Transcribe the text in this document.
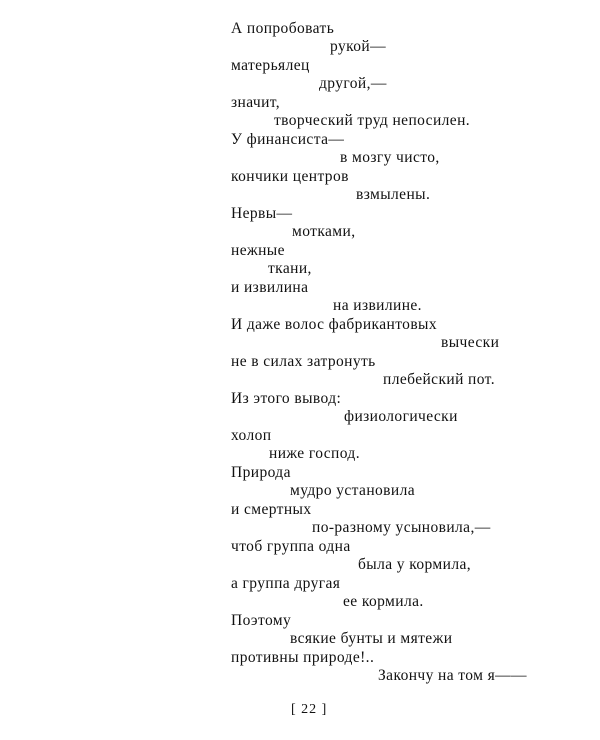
А попробовать
рукой—
матерьялец
другой,—
значит,
творческий труд непосилен.
У финансиста—
в мозгу чисто,
кончики центров
взмылены.
Нервы—
мотками,
нежные
ткани,
и извилина
на извилине.
И даже волос фабрикантовых
вычески
не в силах затронуть
плебейский пот.
Из этого вывод:
физиологически
холоп
ниже господ.
Природа
мудро установила
и смертных
по-разному усыновила,—
чтоб группа одна
была у кормила,
а группа другая
ее кормила.
Поэтому
всякие бунты и мятежи
противны природе!..
Закончу на том я——
[ 22 ]
